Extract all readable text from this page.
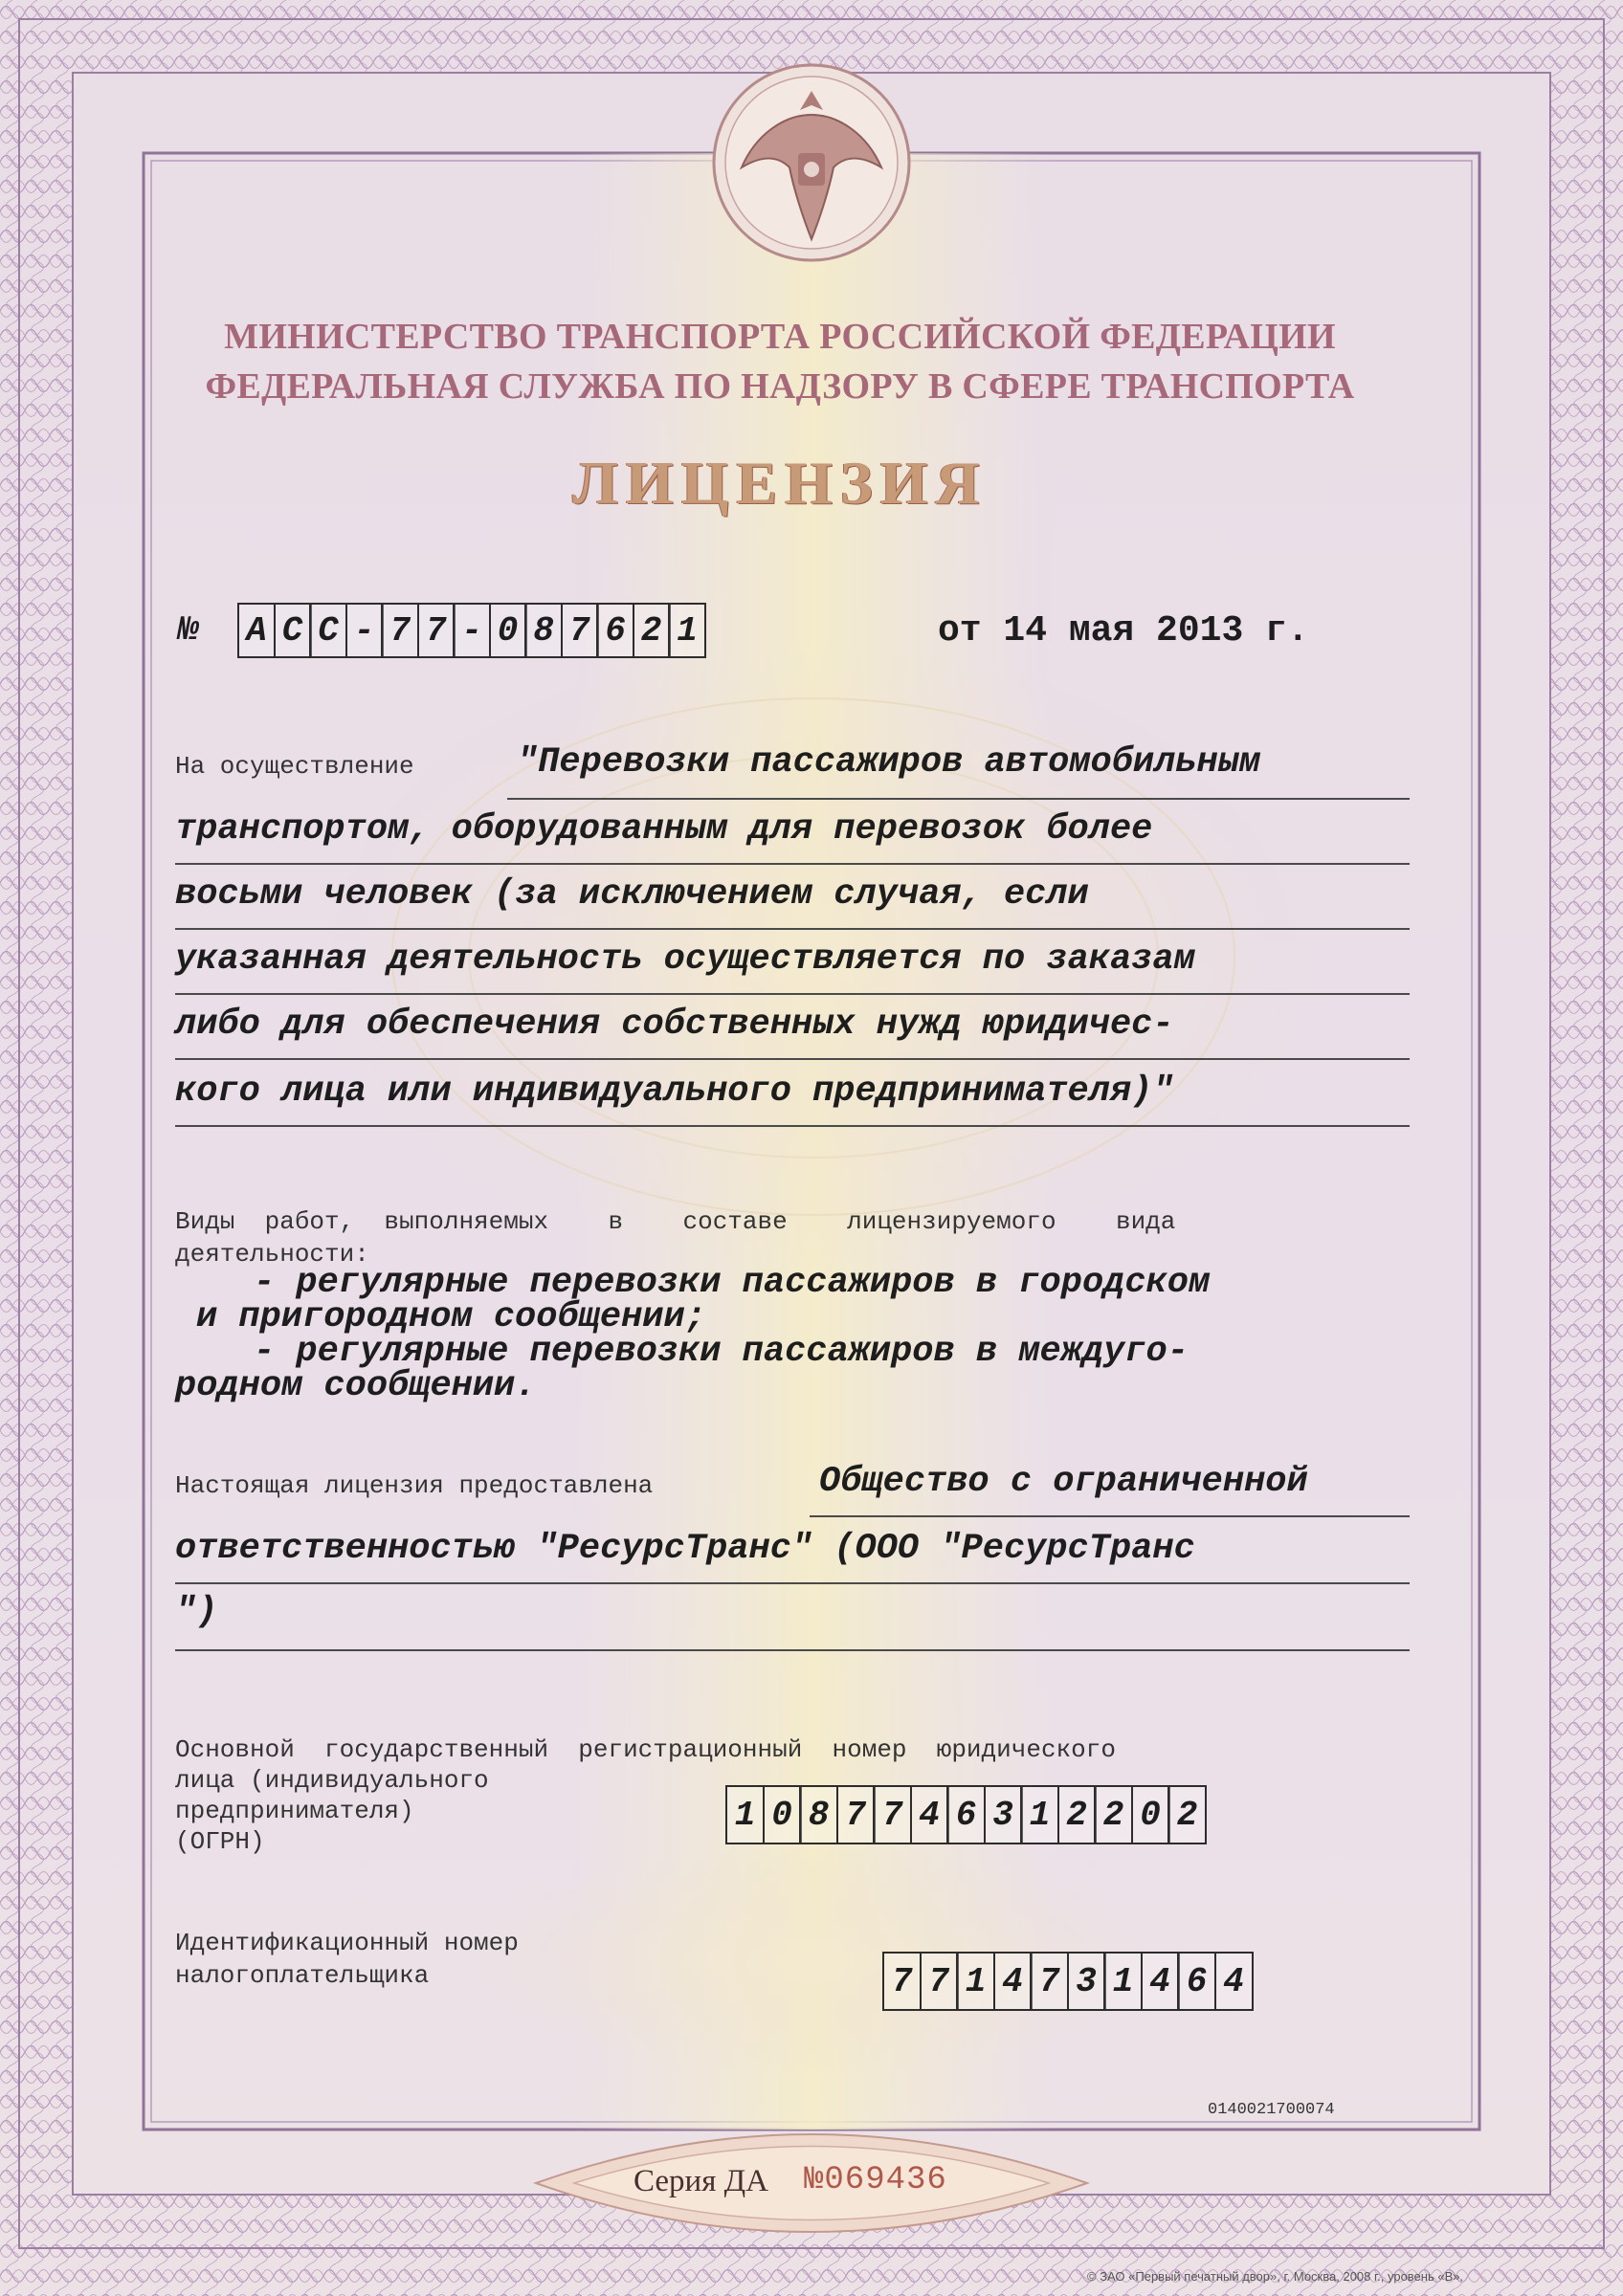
МИНИСТЕРСТВО ТРАНСПОРТА РОССИЙСКОЙ ФЕДЕРАЦИИ
ФЕДЕРАЛЬНАЯ СЛУЖБА ПО НАДЗОРУ В СФЕРЕ ТРАНСПОРТА
ЛИЦЕНЗИЯ
№ А С С - 7 7 - 0 8 7 6 2 1	от 14 мая 2013 г.
На осуществление	"Перевозки пассажиров автомобильным
транспортом, оборудованным для перевозок более
восьми человек (за исключением случая, если
указанная деятельность осуществляется по заказам
либо для обеспечения собственных нужд юридичес-
кого лица или индивидуального предпринимателя)"
Виды  работ,  выполняемых    в    составе    лицензируемого    вида
деятельности:
- регулярные перевозки пассажиров в городском
и пригородном сообщении;
- регулярные перевозки пассажиров в междуго-
родном сообщении.
Настоящая лицензия предоставлена	Общество с ограниченной
ответственностью "РесурсТранс" (ООО "РесурсТранс
")
Основной  государственный  регистрационный  номер  юридического
лица (индивидуального
предпринимателя)
(ОГРН)
1 0 8 7 7 4 6 3 1 2 2 0 2
Идентификационный номер
налогоплательщика	7 7 1 4 7 3 1 4 6 4
0140021700074
Серия ДА №069436
© ЗАО «Первый печатный двор», г. Москва, 2008 г., уровень «В».
